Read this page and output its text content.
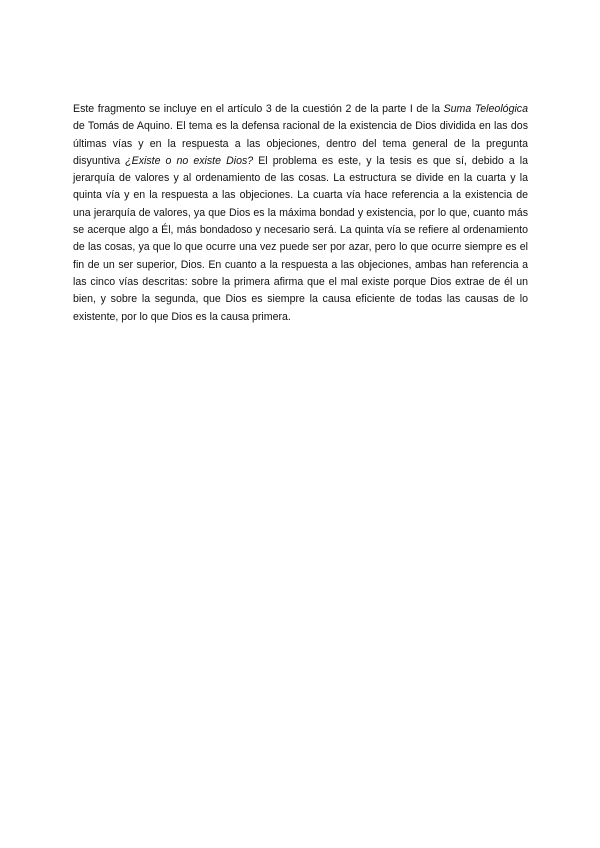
Este fragmento se incluye en el artículo 3 de la cuestión 2 de la parte I de la Suma Teleológica de Tomás de Aquino. El tema es la defensa racional de la existencia de Dios dividida en las dos últimas vías y en la respuesta a las objeciones, dentro del tema general de la pregunta disyuntiva ¿Existe o no existe Dios? El problema es este, y la tesis es que sí, debido a la jerarquía de valores y al ordenamiento de las cosas. La estructura se divide en la cuarta y la quinta vía y en la respuesta a las objeciones. La cuarta vía hace referencia a la existencia de una jerarquía de valores, ya que Dios es la máxima bondad y existencia, por lo que, cuanto más se acerque algo a Él, más bondadoso y necesario será. La quinta vía se refiere al ordenamiento de las cosas, ya que lo que ocurre una vez puede ser por azar, pero lo que ocurre siempre es el fin de un ser superior, Dios. En cuanto a la respuesta a las objeciones, ambas han referencia a las cinco vías descritas: sobre la primera afirma que el mal existe porque Dios extrae de él un bien, y sobre la segunda, que Dios es siempre la causa eficiente de todas las causas de lo existente, por lo que Dios es la causa primera.
